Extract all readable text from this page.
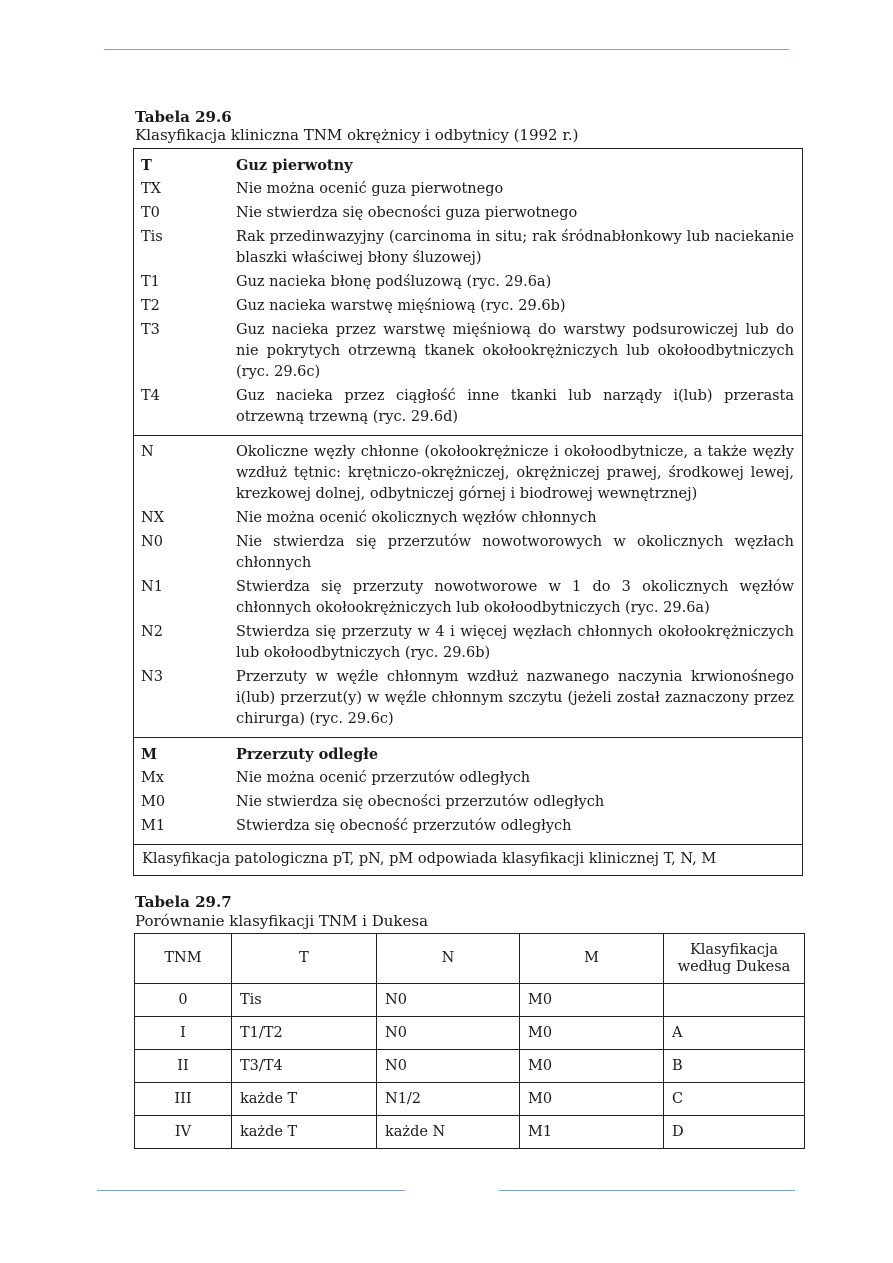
Tabela 29.6
Klasyfikacja kliniczna TNM okrężnicy i odbytnicy (1992 r.)
T	Guz pierwotny
TX	Nie można ocenić guza pierwotnego
T0	Nie stwierdza się obecności guza pierwotnego
Tis	Rak przedinwazyjny (carcinoma in situ; rak śródnabłonkowy lub naciekanie blaszki właściwej błony śluzowej)
T1	Guz nacieka błonę podśluzową (ryc. 29.6a)
T2	Guz nacieka warstwę mięśniową (ryc. 29.6b)
T3	Guz nacieka przez warstwę mięśniową do warstwy podsurowiczej lub do nie pokrytych otrzewną tkanek okołookrężniczych lub okołoodbytniczych (ryc. 29.6c)
T4	Guz nacieka przez ciągłość inne tkanki lub narządy i(lub) przerasta otrzewną trzewną (ryc. 29.6d)
N	Okoliczne węzły chłonne (okołookrężnicze i okołoodbytnicze, a także węzły wzdłuż tętnic: krętniczo-okrężniczej, okrężniczej prawej, środkowej lewej, krezkowej dolnej, odbytniczej górnej i biodrowej wewnętrznej)
NX	Nie można ocenić okolicznych węzłów chłonnych
N0	Nie stwierdza się przerzutów nowotworowych w okolicznych węzłach chłonnych
N1	Stwierdza się przerzuty nowotworowe w 1 do 3 okolicznych węzłów chłonnych okołookrężniczych lub okołoodbytniczych (ryc. 29.6a)
N2	Stwierdza się przerzuty w 4 i więcej węzłach chłonnych okołookrężniczych lub okołoodbytniczych (ryc. 29.6b)
N3	Przerzuty w węźle chłonnym wzdłuż nazwanego naczynia krwionośnego i(lub) przerzut(y) w węźle chłonnym szczytu (jeżeli został zaznaczony przez chirurga) (ryc. 29.6c)
M	Przerzuty odległe
Mx	Nie można ocenić przerzutów odległych
M0	Nie stwierdza się obecności przerzutów odległych
M1	Stwierdza się obecność przerzutów odległych
Klasyfikacja patologiczna pT, pN, pM odpowiada klasyfikacji klinicznej T, N, M
Tabela 29.7
Porównanie klasyfikacji TNM i Dukesa
TNM	T	N	M	Klasyfikacja według Dukesa
0	Tis	N0	M0	
I	T1/T2	N0	M0	A
II	T3/T4	N0	M0	B
III	każde T	N1/2	M0	C
IV	każde T	każde N	M1	D
